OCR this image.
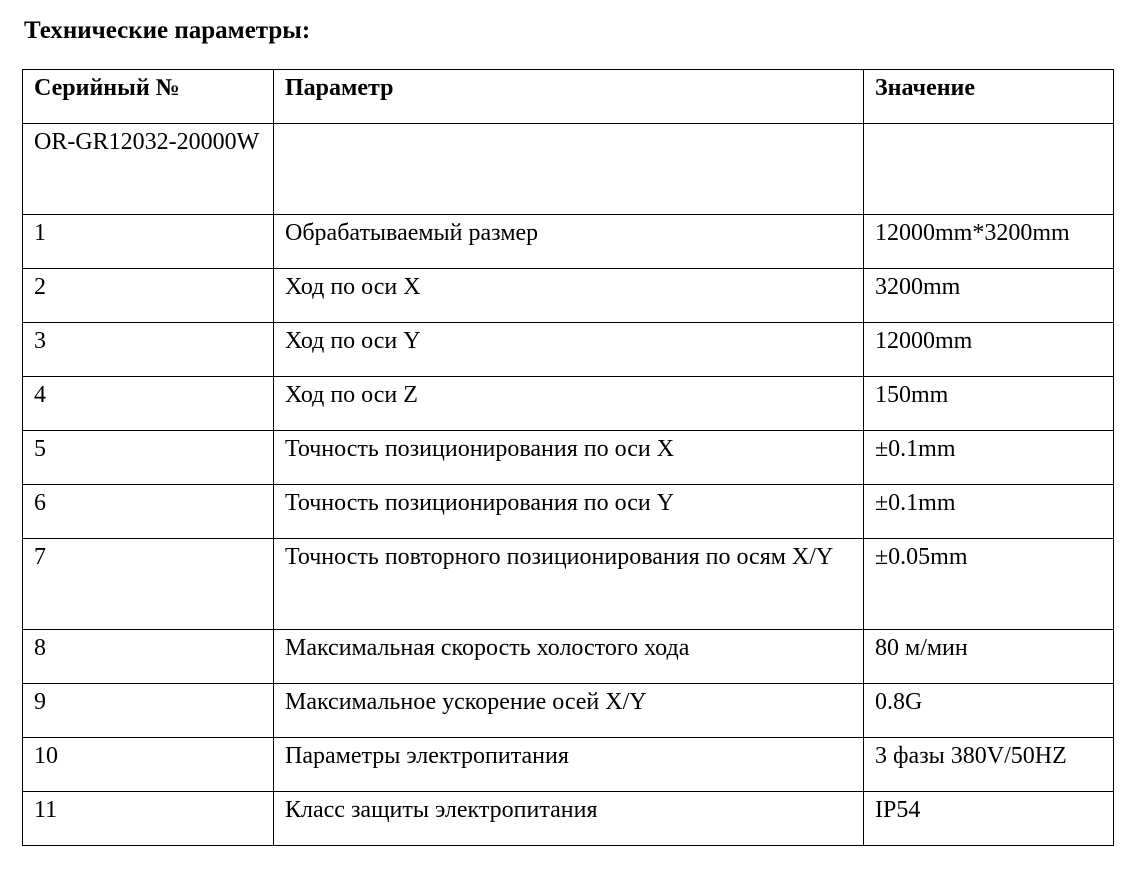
Технические параметры:
Серийный №	Параметр	Значение
OR-GR12032-20000W		
1	Обрабатываемый размер	12000mm*3200mm
2	Ход по оси X	3200mm
3	Ход по оси Y	12000mm
4	Ход по оси Z	150mm
5	Точность позиционирования по оси X	±0.1mm
6	Точность позиционирования по оси Y	±0.1mm
7	Точность повторного позиционирования по осям X/Y	±0.05mm
8	Максимальная скорость холостого хода	80 м/мин
9	Максимальное ускорение осей X/Y	0.8G
10	Параметры электропитания	3 фазы 380V/50HZ
11	Класс защиты электропитания	IP54
